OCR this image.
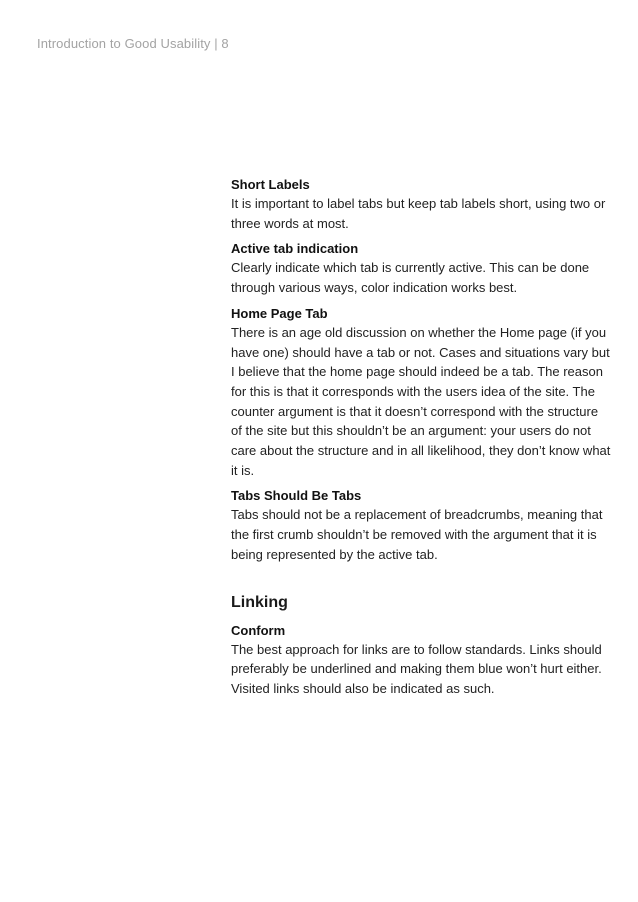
Introduction to Good Usability | 8
Short Labels

It is important to label tabs but keep tab labels short, using two or three words at most.

Active tab indication

Clearly indicate which tab is currently active. This can be done through various ways, color indication works best.

Home Page Tab

There is an age old discussion on whether the Home page (if you have one) should have a tab or not. Cases and situations vary but I believe that the home page should indeed be a tab. The reason for this is that it corresponds with the users idea of the site. The counter argument is that it doesn’t correspond with the structure of the site but this shouldn’t be an argument: your users do not care about the structure and in all likelihood, they don’t know what it is.

Tabs Should Be Tabs

Tabs should not be a replacement of breadcrumbs, meaning that the first crumb shouldn’t be removed with the argument that it is being represented by the active tab.

Linking
Conform

The best approach for links are to follow standards. Links should preferably be underlined and making them blue won’t hurt either. Visited links should also be indicated as such.
